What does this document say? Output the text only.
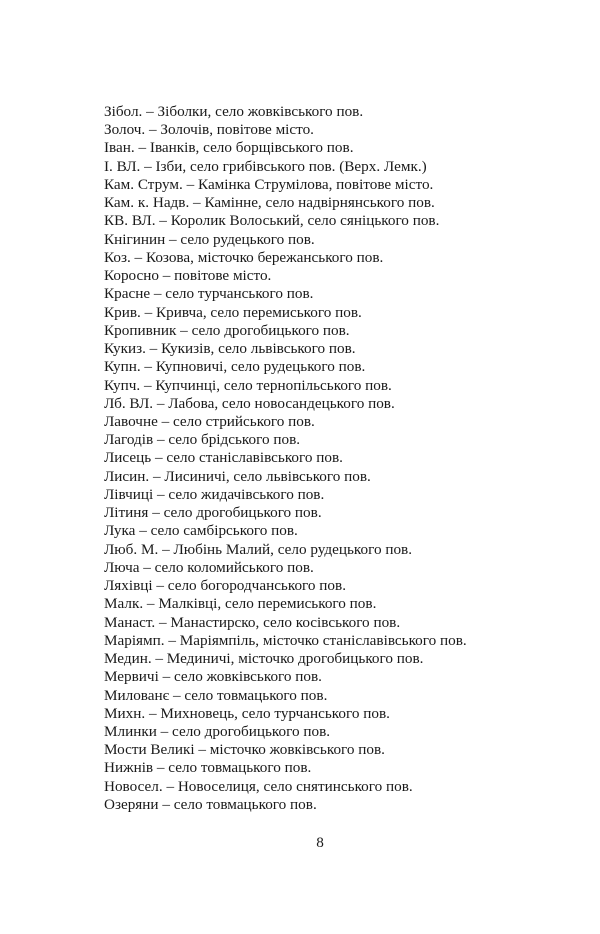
Зібол. – Зіболки, село жовківського пов.
Золоч. – Золочів, повітове місто.
Іван. – Іванків, село борщівського пов.
І. ВЛ. – Ізби, село грибівського пов. (Верх. Лемк.)
Кам. Струм. – Камінка Струмілова, повітове місто.
Кам. к. Надв. – Камінне, село надвірнянського пов.
КВ. ВЛ. – Королик Волоський, село сяніцького пов.
Кнігинин – село рудецького пов.
Коз. – Козова, місточко бережанського пов.
Коросно – повітове місто.
Красне – село турчанського пов.
Крив. – Кривча, село перемиського пов.
Кропивник – село дрогобицького пов.
Кукиз. – Кукизів, село львівського пов.
Купн. – Купновичі, село рудецького пов.
Купч. – Купчинці, село тернопільського пов.
Лб. ВЛ. – Лабова, село новосандецького пов.
Лавочне – село стрийського пов.
Лагодів – село брідського пов.
Лисець – село станіславівського пов.
Лисин. – Лисиничі, село львівського пов.
Лівчиці – село жидачівського пов.
Літиня – село дрогобицького пов.
Лука – село самбірського пов.
Люб. М. – Любінь Малий, село рудецького пов.
Люча – село коломийського пов.
Ляхівці – село богородчанського пов.
Малк. – Малківці, село перемиського пов.
Манаст. – Манастирско, село косівського пов.
Маріямп. – Маріямпіль, місточко станіславівського пов.
Медин. – Мединичі, місточко дрогобицького пов.
Мервичі – село жовківського пов.
Милованє – село товмацького пов.
Михн. – Михновець, село турчанського пов.
Млинки – село дрогобицького пов.
Мости Великі – місточко жовківського пов.
Нижнів – село товмацького пов.
Новосел. – Новоселиця, село снятинського пов.
Озеряни – село товмацького пов.
8
